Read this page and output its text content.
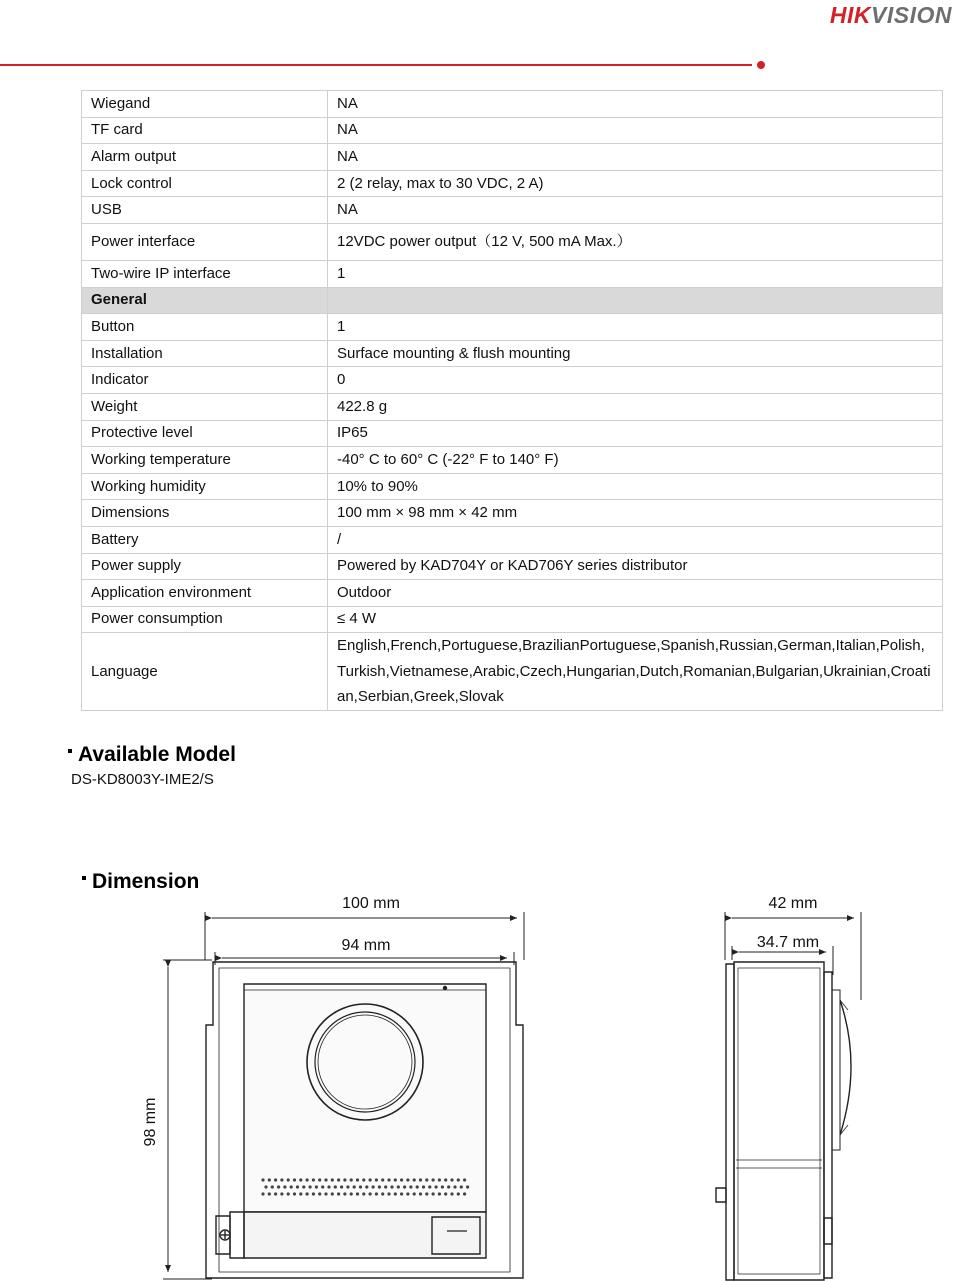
HIKVISION
Wiegand	NA
TF card	NA
Alarm output	NA
Lock control	2 (2 relay, max to 30 VDC, 2 A)
USB	NA
Power interface	12VDC power output（12 V, 500 mA Max.）
Two-wire IP interface	1
General	
Button	1
Installation	Surface mounting & flush mounting
Indicator	0
Weight	422.8 g
Protective level	IP65
Working temperature	-40° C to 60° C (-22° F to 140° F)
Working humidity	10% to 90%
Dimensions	100 mm × 98 mm × 42 mm
Battery	/
Power supply	Powered by KAD704Y or KAD706Y series distributor
Application environment	Outdoor
Power consumption	≤ 4 W
Language	English,French,Portuguese,BrazilianPortuguese,Spanish,Russian,German,Italian,Polish,Turkish,Vietnamese,Arabic,Czech,Hungarian,Dutch,Romanian,Bulgarian,Ukrainian,Croatian,Serbian,Greek,Slovak
Available Model
DS-KD8003Y-IME2/S
Dimension
100 mm
94 mm
98 mm
42 mm
34.7 mm
